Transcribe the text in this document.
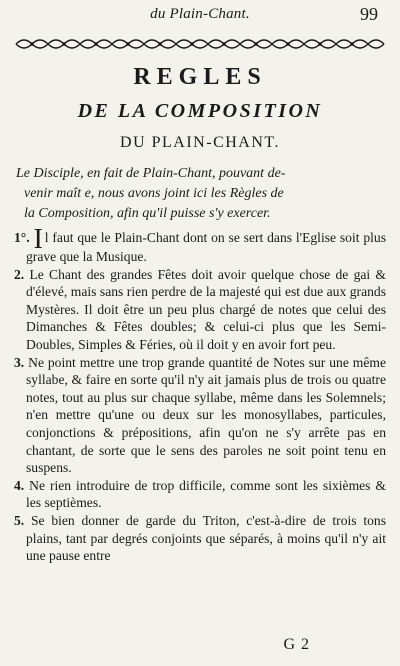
du Plain-Chant.	99
REGLES
DE LA COMPOSITION
DU PLAIN-CHANT.
Le Disciple, en fait de Plain-Chant, pouvant de-
venir maît e, nous avons joint ici les Règles de
la Composition, afin qu'il puisse s'y exercer.

1°. I l faut que le Plain-Chant dont on se sert dans l'Eglise soit plus grave que la Musique.

2. Le Chant des grandes Fêtes doit avoir quelque chose de gai & d'élevé, mais sans rien perdre de la majesté qui est due aux grands Mystères. Il doit être un peu plus chargé de notes que celui des Dimanches & Fêtes doubles; & celui-ci plus que les Semi-Doubles, Simples & Féries, où il doit y en avoir fort peu.

3. Ne point mettre une trop grande quantité de Notes sur une même syllabe, & faire en sorte qu'il n'y ait jamais plus de trois ou quatre notes, tout au plus sur chaque syllabe, même dans les Solemnels; n'en mettre qu'une ou deux sur les monosyllabes, particules, conjonctions & prépositions, afin qu'on ne s'y arrête pas en chantant, de sorte que le sens des paroles ne soit point tenu en suspens.

4. Ne rien introduire de trop difficile, comme sont les sixièmes & les septièmes.

5. Se bien donner de garde du Triton, c'est-à-dire de trois tons plains, tant par degrés conjoints que séparés, à moins qu'il n'y ait une pause entre

G 2
